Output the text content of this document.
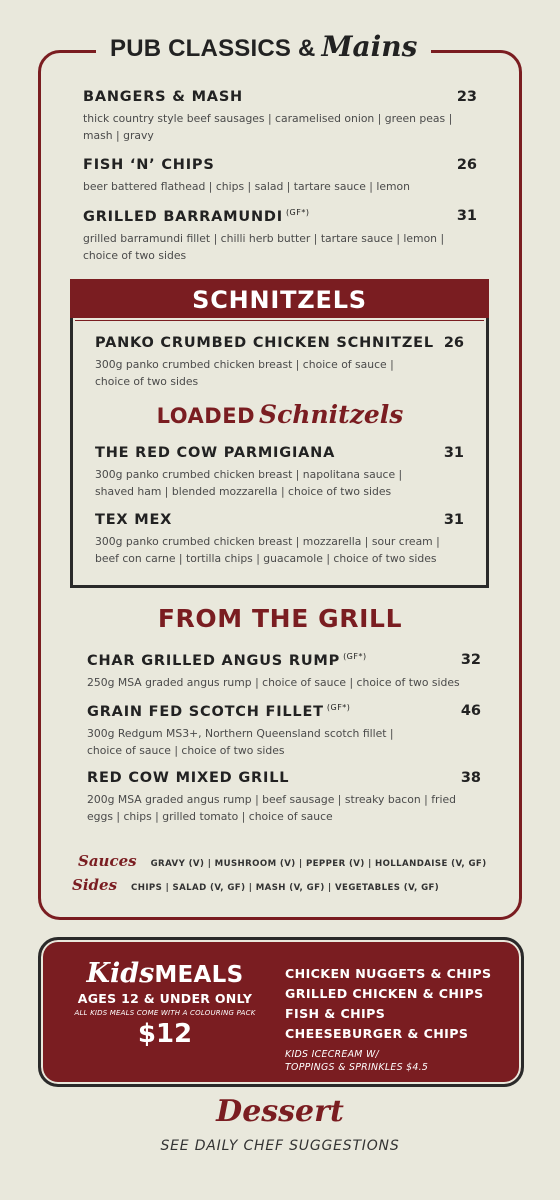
PUB CLASSICS & Mains
BANGERS & MASH	23
thick country style beef sausages | caramelised onion | green peas | mash | gravy
FISH ‘N’ CHIPS	26
beer battered flathead | chips | salad | tartare sauce | lemon
GRILLED BARRAMUNDI $^{(GF*)}$	31
grilled barramundi fillet | chilli herb butter | tartare sauce | lemon | choice of two sides
SCHNITZELS
PANKO CRUMBED CHICKEN SCHNITZEL 26
300g panko crumbed chicken breast | choice of sauce | choice of two sides
LOADED Schnitzels
THE RED COW PARMIGIANA	31
300g panko crumbed chicken breast | napolitana sauce | shaved ham | blended mozzarella | choice of two sides
TEX MEX	31
300g panko crumbed chicken breast | mozzarella | sour cream | beef con carne | tortilla chips | guacamole | choice of two sides
FROM THE GRILL
CHAR GRILLED ANGUS RUMP $^{(GF*)}$	32
250g MSA graded angus rump | choice of sauce | choice of two sides
GRAIN FED SCOTCH FILLET $^{(GF*)}$	46
300g Redgum MS3+, Northern Queensland scotch fillet | choice of sauce | choice of two sides
RED COW MIXED GRILL	38
200g MSA graded angus rump | beef sausage | streaky bacon | fried eggs | chips | grilled tomato | choice of sauce
Sauces GRAVY (V) | MUSHROOM (V) | PEPPER (V) | HOLLANDAISE (V, GF)
Sides CHIPS | SALAD (V, GF) | MASH (V, GF) | VEGETABLES (V, GF)
KidsMEALS
AGES 12 & UNDER ONLY
ALL KIDS MEALS COME WITH A COLOURING PACK
$12
CHICKEN NUGGETS & CHIPS
GRILLED CHICKEN & CHIPS
FISH & CHIPS
CHEESEBURGER & CHIPS
KIDS ICECREAM W/
TOPPINGS & SPRINKLES $4.5
Dessert
SEE DAILY CHEF SUGGESTIONS
